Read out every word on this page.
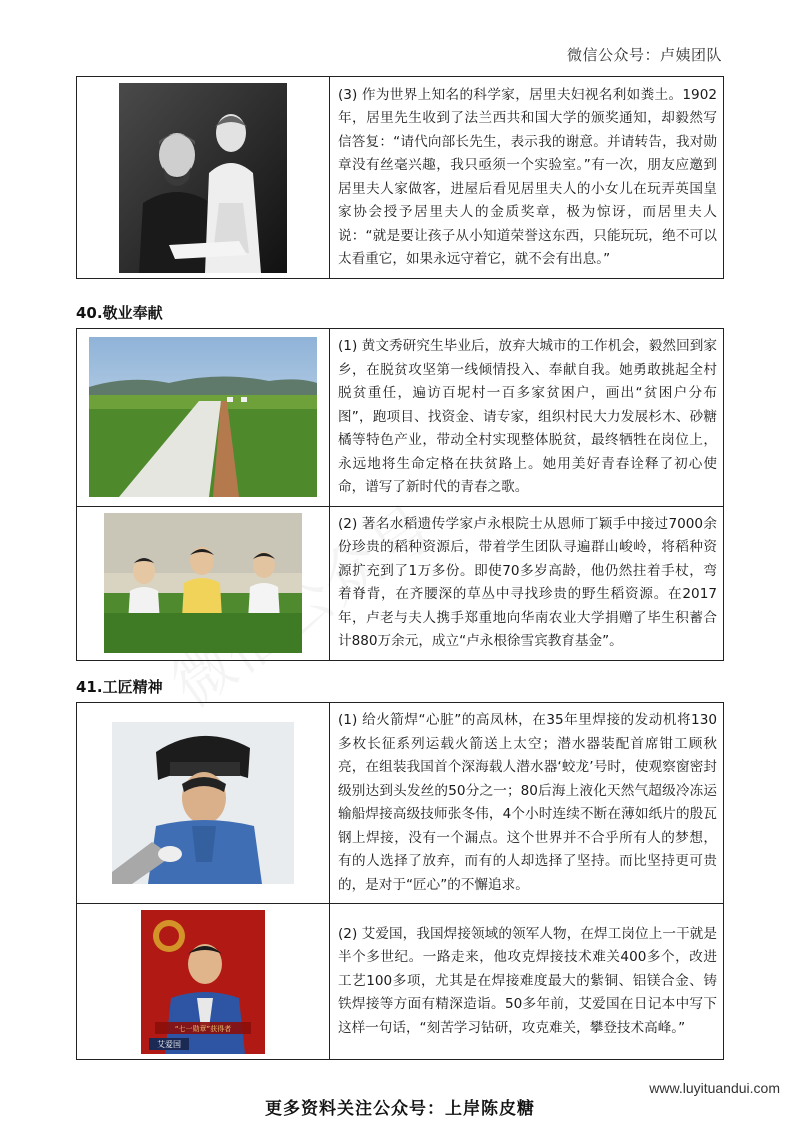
微信公众号：卢姨团队
	(3) 作为世界上知名的科学家，居里夫妇视名利如粪土。1902年，居里先生收到了法兰西共和国大学的颁奖通知，却毅然写信答复：“请代向部长先生，表示我的谢意。并请转告，我对勋章没有丝毫兴趣，我只亟须一个实验室。”有一次，朋友应邀到居里夫人家做客，进屋后看见居里夫人的小女儿在玩弄英国皇家协会授予居里夫人的金质奖章，极为惊讶，而居里夫人说：“就是要让孩子从小知道荣誉这东西，只能玩玩，绝不可以太看重它，如果永远守着它，就不会有出息。”
40.敬业奉献
	(1) 黄文秀研究生毕业后，放弃大城市的工作机会，毅然回到家乡，在脱贫攻坚第一线倾情投入、奉献自我。她勇敢挑起全村脱贫重任，遍访百坭村一百多家贫困户，画出“贫困户分布图”，跑项目、找资金、请专家，组织村民大力发展杉木、砂糖橘等特色产业，带动全村实现整体脱贫，最终牺牲在岗位上，永远地将生命定格在扶贫路上。她用美好青春诠释了初心使命，谱写了新时代的青春之歌。

	(2) 著名水稻遗传学家卢永根院士从恩师丁颖手中接过7000余份珍贵的稻种资源后，带着学生团队寻遍群山峻岭，将稻种资源扩充到了1万多份。即使70多岁高龄，他仍然拄着手杖，弯着脊背，在齐腰深的草丛中寻找珍贵的野生稻资源。在2017年，卢老与夫人携手郑重地向华南农业大学捐赠了毕生积蓄合计880万余元，成立“卢永根徐雪宾教育基金”。
41.工匠精神
	(1) 给火箭焊“心脏”的高凤林，在35年里焊接的发动机将130多枚长征系列运载火箭送上太空；潜水器装配首席钳工顾秋亮，在组装我国首个深海载人潜水器‘蛟龙’号时，使观察窗密封级别达到头发丝的50分之一；80后海上液化天然气超级冷冻运输船焊接高级技师张冬伟，4个小时连续不断在薄如纸片的殷瓦钢上焊接，没有一个漏点。这个世界并不合乎所有人的梦想，有的人选择了放弃，而有的人却选择了坚持。而比坚持更可贵的，是对于“匠心”的不懈追求。

“七一勋章”获得者
艾爱国	(2) 艾爱国，我国焊接领域的领军人物，在焊工岗位上一干就是半个多世纪。一路走来，他攻克焊接技术难关400多个，改进工艺100多项，尤其是在焊接难度最大的紫铜、铝镁合金、铸铁焊接等方面有精深造诣。50多年前，艾爱国在日记本中写下这样一句话，“刻苦学习钻研，攻克难关，攀登技术高峰。”
www.luyituandui.com
更多资料关注公众号：上岸陈皮糖
